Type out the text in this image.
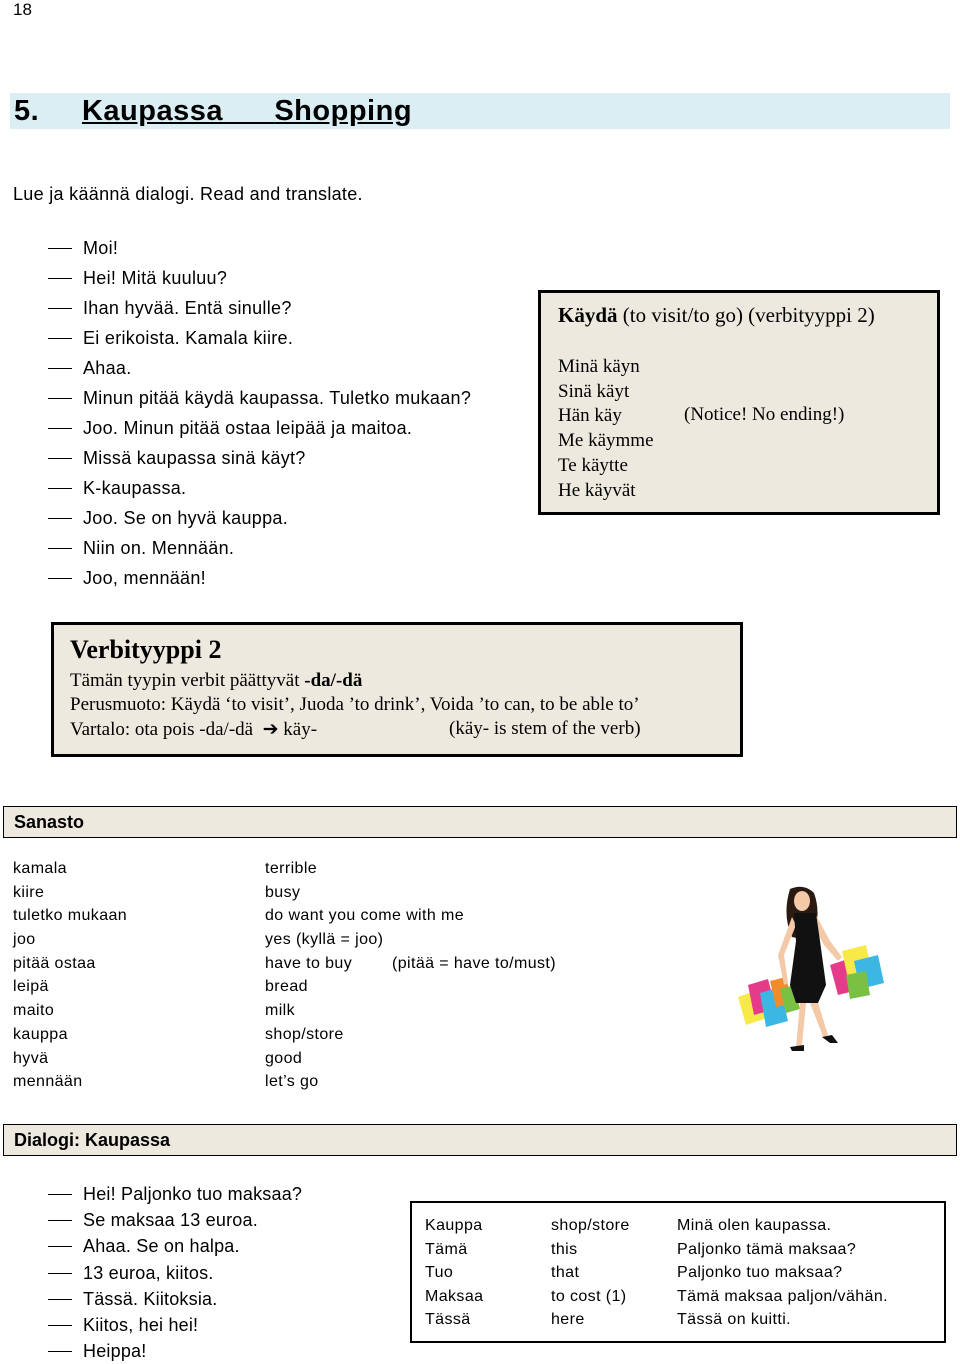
18
5. Kaupassa Shopping
Lue ja käännä dialogi. Read and translate.
Moi!
Hei! Mitä kuuluu?
Ihan hyvää. Entä sinulle?
Ei erikoista. Kamala kiire.
Ahaa.
Minun pitää käydä kaupassa. Tuletko mukaan?
Joo. Minun pitää ostaa leipää ja maitoa.
Missä kaupassa sinä käyt?
K-kaupassa.
Joo. Se on hyvä kauppa.
Niin on. Mennään.
Joo, mennään!
Käydä (to visit/to go) (verbityyppi 2)
Minä käyn
Sinä käyt
Hän käy
Me käymme
Te käytte
He käyvät
(Notice! No ending!)
Verbityyppi 2
Tämän tyypin verbit päättyvät -da/-dä
Perusmuoto: Käydä ‘to visit’, Juoda ’to drink’, Voida ’to can, to be able to’
Vartalo: ota pois -da/-dä ➔ käy-	(käy- is stem of the verb)
Sanasto
kamala
kiire
tuletko mukaan
joo
pitää ostaa
leipä
maito
kauppa
hyvä
mennään
terrible
busy
do want you come with me
yes (kyllä = joo)
have to buy
bread
milk
shop/store
good
let’s go
(pitää = have to/must)
Dialogi: Kaupassa
Hei! Paljonko tuo maksaa?
Se maksaa 13 euroa.
Ahaa. Se on halpa.
13 euroa, kiitos.
Tässä. Kiitoksia.
Kiitos, hei hei!
Heippa!
Kauppa
Tämä
Tuo
Maksaa
Tässä
shop/store
this
that
to cost (1)
here
Minä olen kaupassa.
Paljonko tämä maksaa?
Paljonko tuo maksaa?
Tämä maksaa paljon/vähän.
Tässä on kuitti.
